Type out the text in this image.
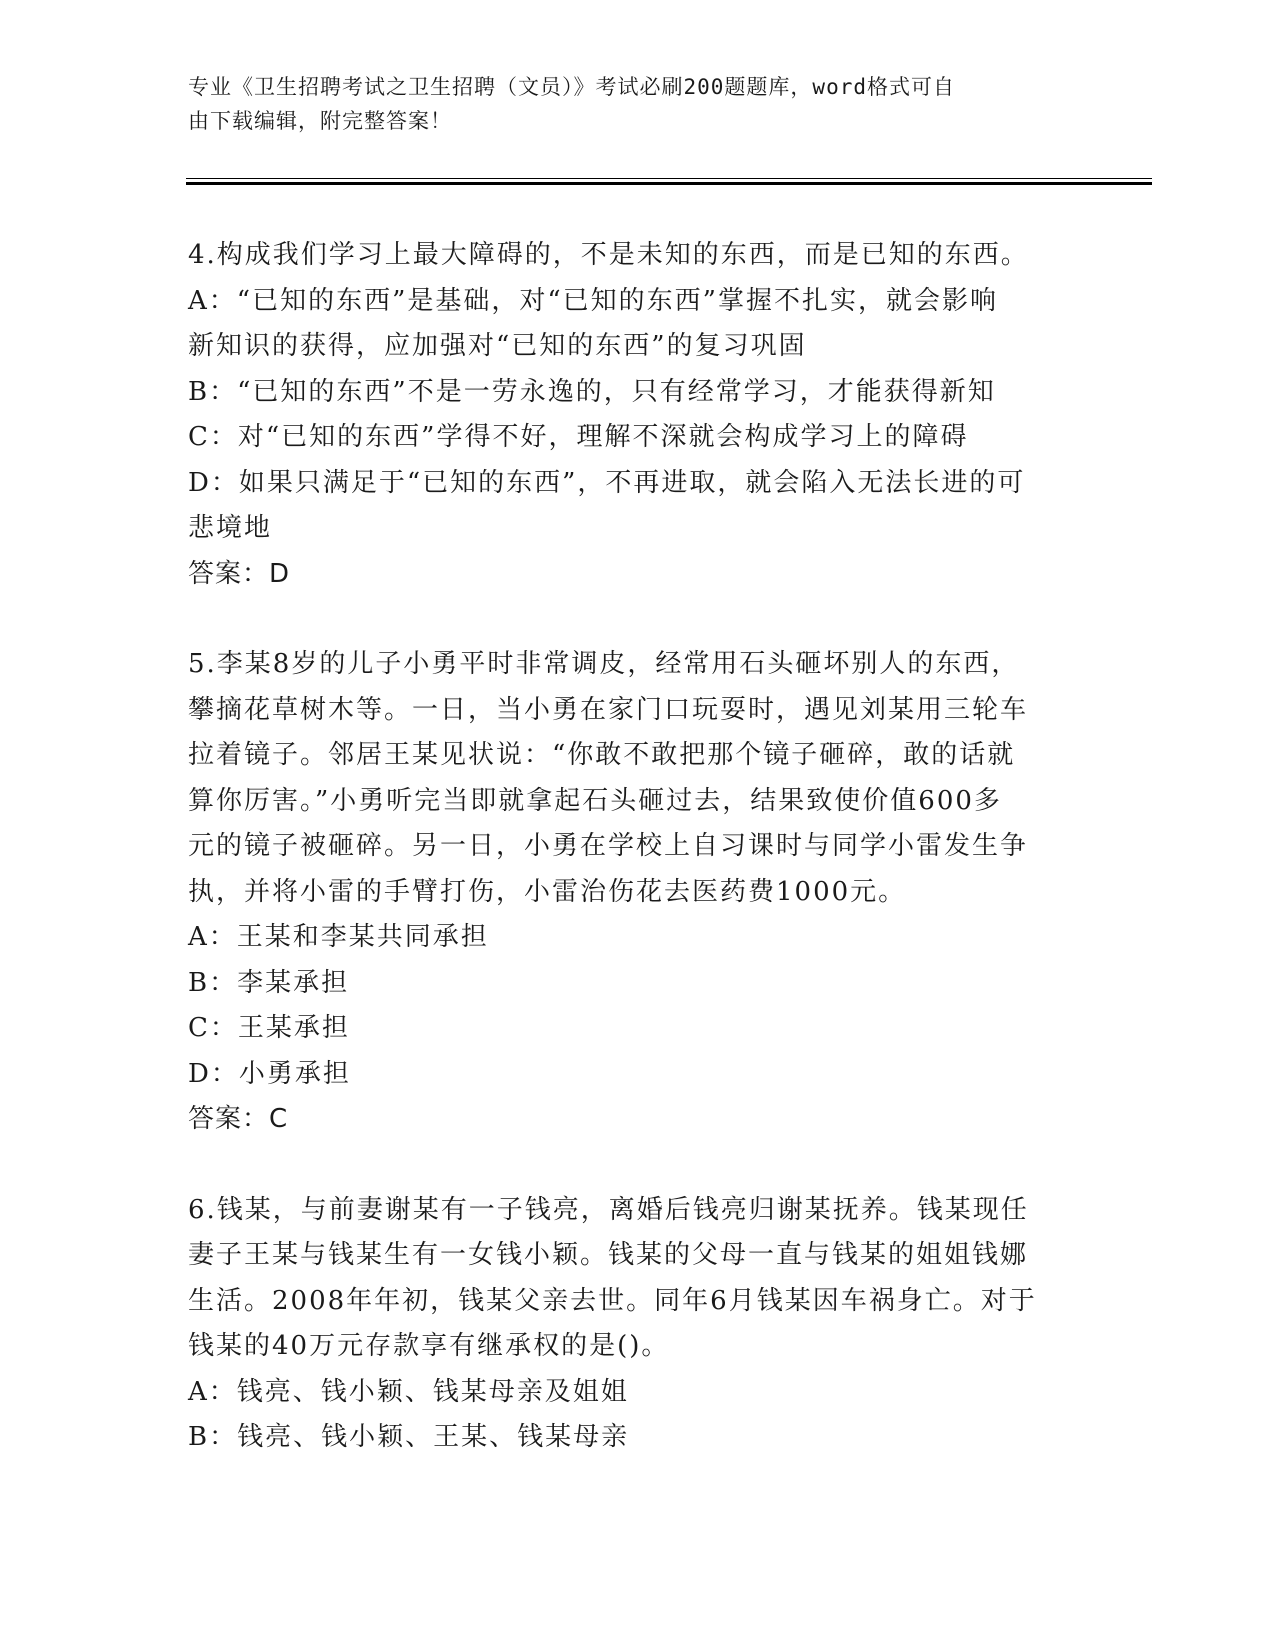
专业《卫生招聘考试之卫生招聘（文员）》考试必刷200题题库，word格式可自
由下载编辑，附完整答案！
4.构成我们学习上最大障碍的，不是未知的东西，而是已知的东西。
A：“已知的东西”是基础，对“已知的东西”掌握不扎实，就会影响
新知识的获得，应加强对“已知的东西”的复习巩固
B：“已知的东西”不是一劳永逸的，只有经常学习，才能获得新知
C：对“已知的东西”学得不好，理解不深就会构成学习上的障碍
D：如果只满足于“已知的东西”，不再进取，就会陷入无法长进的可
悲境地
答案：D
5.李某8岁的儿子小勇平时非常调皮，经常用石头砸坏别人的东西，
攀摘花草树木等。一日，当小勇在家门口玩耍时，遇见刘某用三轮车
拉着镜子。邻居王某见状说：“你敢不敢把那个镜子砸碎，敢的话就
算你厉害。”小勇听完当即就拿起石头砸过去，结果致使价值600多
元的镜子被砸碎。另一日，小勇在学校上自习课时与同学小雷发生争
执，并将小雷的手臂打伤，小雷治伤花去医药费1000元。
A：王某和李某共同承担
B：李某承担
C：王某承担
D：小勇承担
答案：C
6.钱某，与前妻谢某有一子钱亮，离婚后钱亮归谢某抚养。钱某现任
妻子王某与钱某生有一女钱小颖。钱某的父母一直与钱某的姐姐钱娜
生活。2008年年初，钱某父亲去世。同年6月钱某因车祸身亡。对于
钱某的40万元存款享有继承权的是()。
A：钱亮、钱小颖、钱某母亲及姐姐
B：钱亮、钱小颖、王某、钱某母亲
